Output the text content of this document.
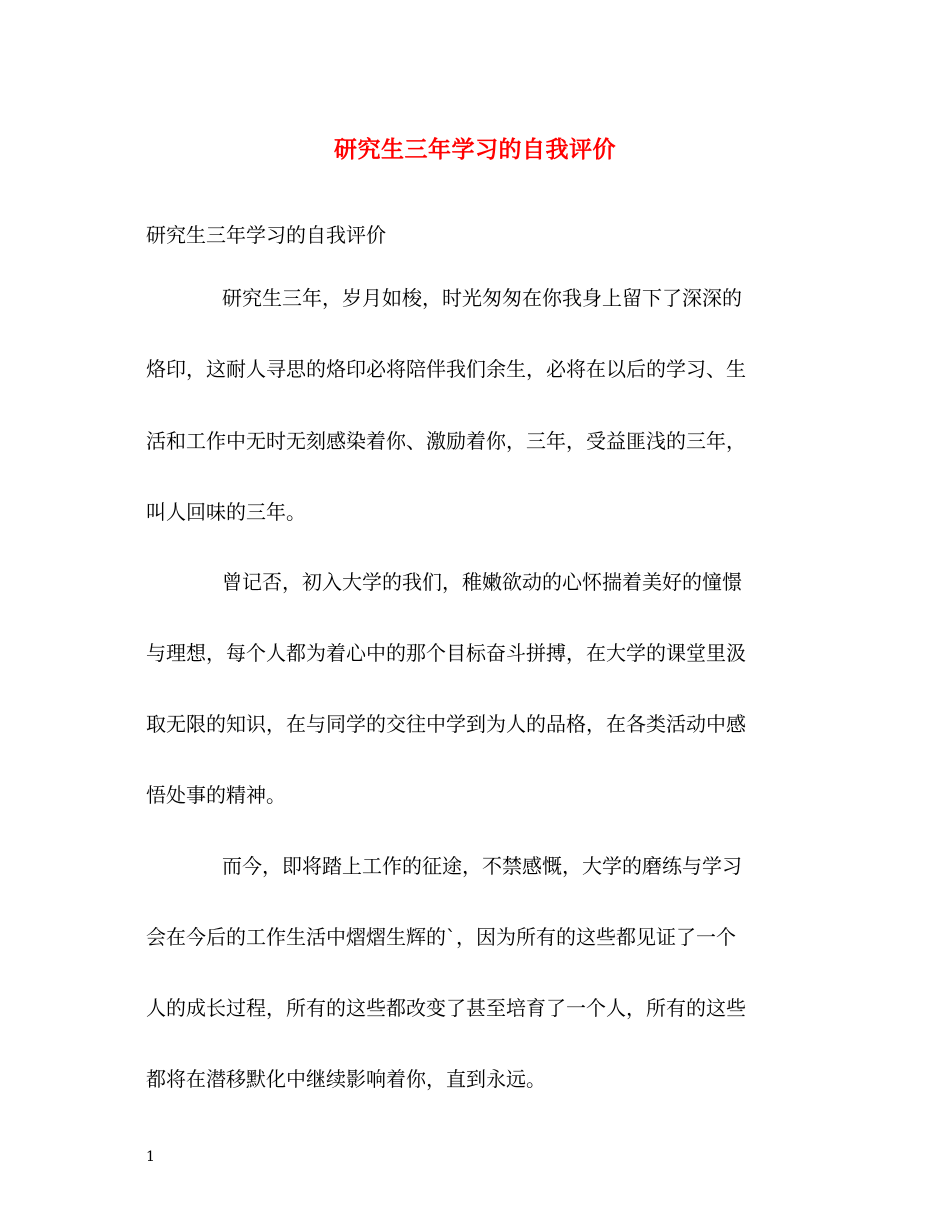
研究生三年学习的自我评价
研究生三年学习的自我评价
研究生三年，岁月如梭，时光匆匆在你我身上留下了深深的
烙印，这耐人寻思的烙印必将陪伴我们余生，必将在以后的学习、生
活和工作中无时无刻感染着你、激励着你，三年，受益匪浅的三年，
叫人回味的三年。
曾记否，初入大学的我们，稚嫩欲动的心怀揣着美好的憧憬
与理想，每个人都为着心中的那个目标奋斗拼搏，在大学的课堂里汲
取无限的知识，在与同学的交往中学到为人的品格，在各类活动中感
悟处事的精神。
而今，即将踏上工作的征途，不禁感慨，大学的磨练与学习
会在今后的工作生活中熠熠生辉的`，因为所有的这些都见证了一个
人的成长过程，所有的这些都改变了甚至培育了一个人，所有的这些
都将在潜移默化中继续影响着你，直到永远。
1
